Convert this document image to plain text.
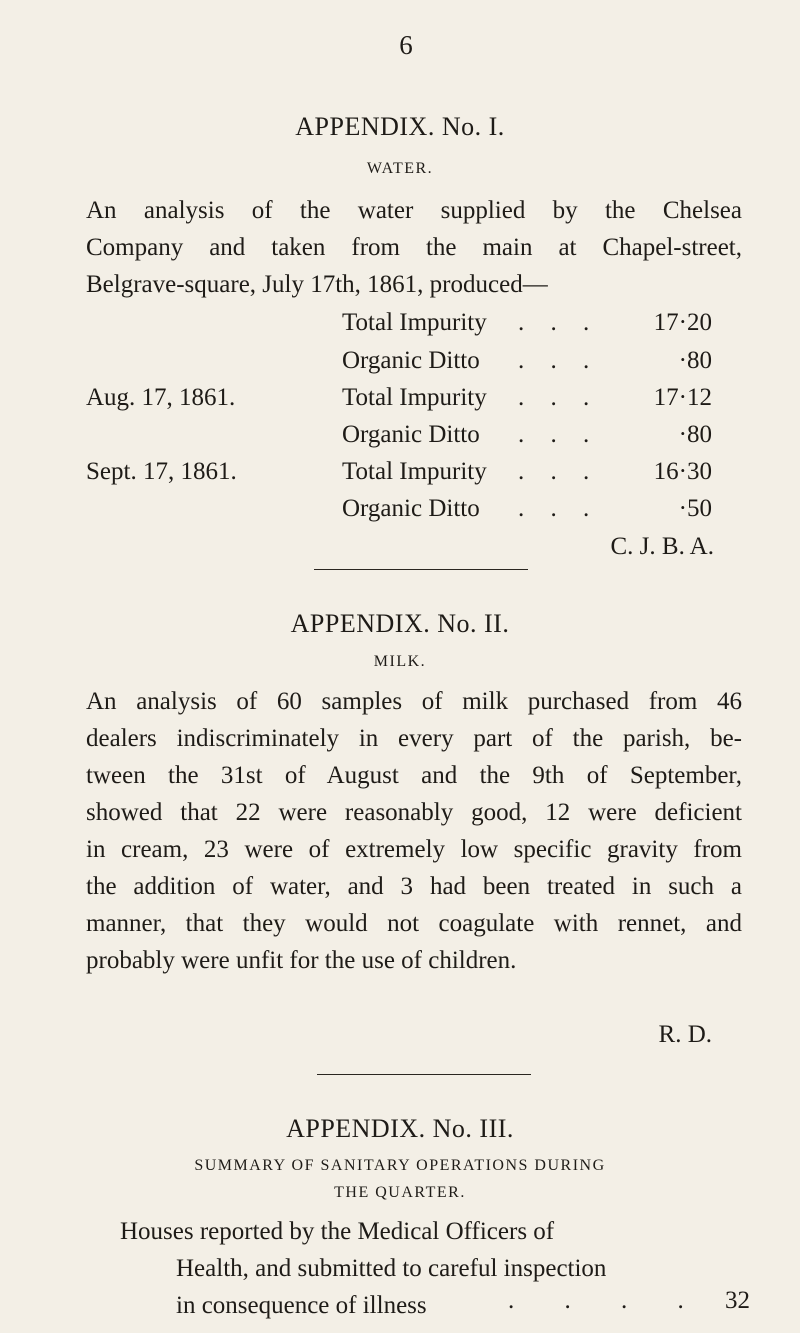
6
APPENDIX. No. I.
WATER.
An analysis of the water supplied by the Chelsea
Company and taken from the main at Chapel-street,
Belgrave-square, July 17th, 1861, produced—
Total Impurity . . . 17·20
Organic Ditto . . .	·80
Aug. 17, 1861.	Total Impurity . . . 17·12
Organic Ditto . . .	·80
Sept. 17, 1861.	Total Impurity . . . 16·30
Organic Ditto . . .	·50
C. J. B. A.
APPENDIX. No. II.
MILK.
An analysis of 60 samples of milk purchased from 46
dealers indiscriminately in every part of the parish, be-
tween the 31st of August and the 9th of September,
showed that 22 were reasonably good, 12 were deficient
in cream, 23 were of extremely low specific gravity from
the addition of water, and 3 had been treated in such a
manner, that they would not coagulate with rennet, and
probably were unfit for the use of children.
R. D.
APPENDIX. No. III.
SUMMARY OF SANITARY OPERATIONS DURING
THE QUARTER.
Houses reported by the Medical Officers of
Health, and submitted to careful inspection
in consequence of illness	. . . . 32
